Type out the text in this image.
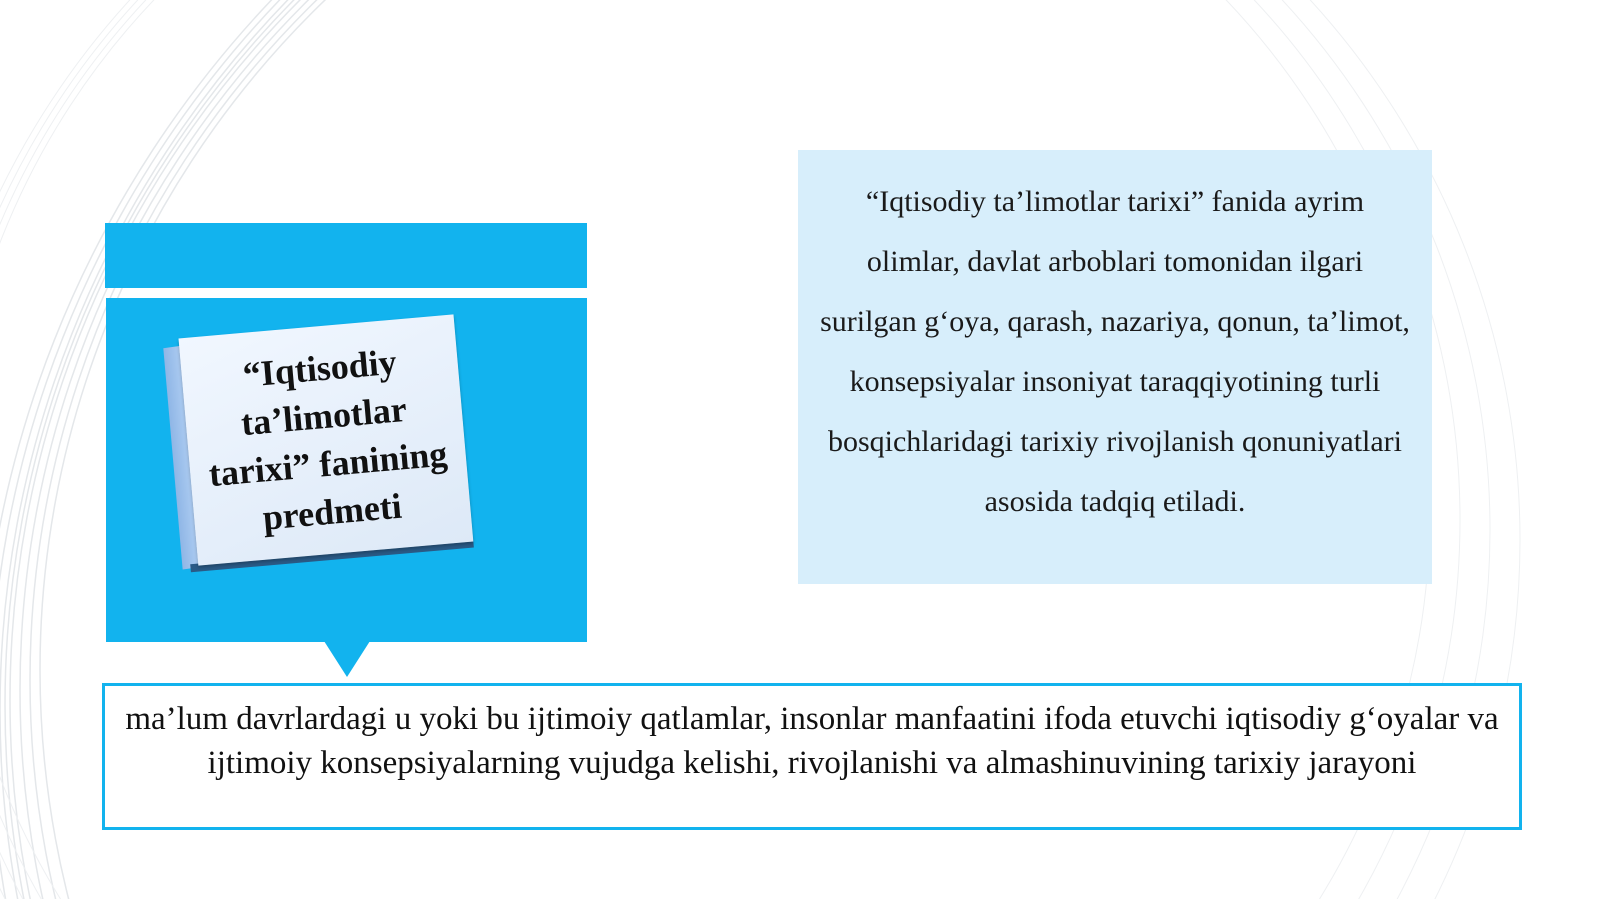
“Iqtisodiy ta’limotlar tarixi” fanining predmeti

“Iqtisodiy ta’limotlar tarixi” fanida ayrim olimlar, davlat arboblari tomonidan ilgari surilgan g‘oya, qarash, nazariya, qonun, ta’limot, konsepsiyalar insoniyat taraqqiyotining turli bosqichlaridagi tarixiy rivojlanish qonuniyatlari asosida tadqiq etiladi.

ma’lum davrlardagi u yoki bu ijtimoiy qatlamlar, insonlar manfaatini ifoda etuvchi iqtisodiy g‘oyalar va ijtimoiy konsepsiyalarning vujudga kelishi, rivojlanishi va almashinuvining tarixiy jarayoni
